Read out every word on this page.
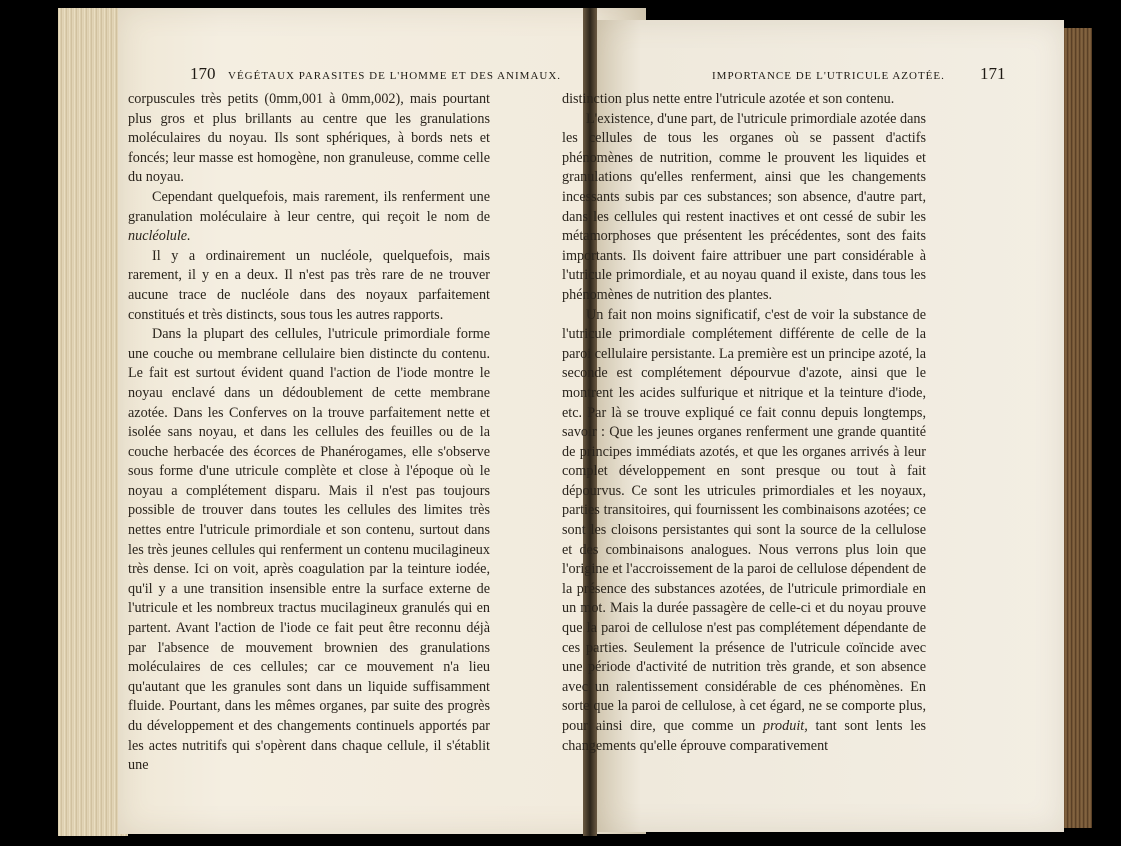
170 VÉGÉTAUX PARASITES DE L'HOMME ET DES ANIMAUX.	IMPORTANCE DE L'UTRICULE AZOTÉE. 171

corpuscules très petits (0mm,001 à 0mm,002), mais pourtant plus gros et plus brillants au centre que les granulations moléculaires du noyau. Ils sont sphériques, à bords nets et foncés; leur masse est homogène, non granuleuse, comme celle du noyau.

Cependant quelquefois, mais rarement, ils renferment une granulation moléculaire à leur centre, qui reçoit le nom de nucléolule.

Il y a ordinairement un nucléole, quelquefois, mais rarement, il y en a deux. Il n'est pas très rare de ne trouver aucune trace de nucléole dans des noyaux parfaitement constitués et très distincts, sous tous les autres rapports.

Dans la plupart des cellules, l'utricule primordiale forme une couche ou membrane cellulaire bien distincte du contenu. Le fait est surtout évident quand l'action de l'iode montre le noyau enclavé dans un dédoublement de cette membrane azotée. Dans les Conferves on la trouve parfaitement nette et isolée sans noyau, et dans les cellules des feuilles ou de la couche herbacée des écorces de Phanérogames, elle s'observe sous forme d'une utricule complète et close à l'époque où le noyau a complétement disparu. Mais il n'est pas toujours possible de trouver dans toutes les cellules des limites très nettes entre l'utricule primordiale et son contenu, surtout dans les très jeunes cellules qui renferment un contenu mucilagineux très dense. Ici on voit, après coagulation par la teinture iodée, qu'il y a une transition insensible entre la surface externe de l'utricule et les nombreux tractus mucilagineux granulés qui en partent. Avant l'action de l'iode ce fait peut être reconnu déjà par l'absence de mouvement brownien des granulations moléculaires de ces cellules; car ce mouvement n'a lieu qu'autant que les granules sont dans un liquide suffisamment fluide. Pourtant, dans les mêmes organes, par suite des progrès du développement et des changements continuels apportés par les actes nutritifs qui s'opèrent dans chaque cellule, il s'établit une

distinction plus nette entre l'utricule azotée et son contenu.

L'existence, d'une part, de l'utricule primordiale azotée dans les cellules de tous les organes où se passent d'actifs phénomènes de nutrition, comme le prouvent les liquides et granulations qu'elles renferment, ainsi que les changements incessants subis par ces substances; son absence, d'autre part, dans les cellules qui restent inactives et ont cessé de subir les métamorphoses que présentent les précédentes, sont des faits importants. Ils doivent faire attribuer une part considérable à l'utricule primordiale, et au noyau quand il existe, dans tous les phénomènes de nutrition des plantes.

Un fait non moins significatif, c'est de voir la substance de l'utricule primordiale complétement différente de celle de la paroi cellulaire persistante. La première est un principe azoté, la seconde est complétement dépourvue d'azote, ainsi que le montrent les acides sulfurique et nitrique et la teinture d'iode, etc. Par là se trouve expliqué ce fait connu depuis longtemps, savoir : Que les jeunes organes renferment une grande quantité de principes immédiats azotés, et que les organes arrivés à leur complet développement en sont presque ou tout à fait dépourvus. Ce sont les utricules primordiales et les noyaux, parties transitoires, qui fournissent les combinaisons azotées; ce sont les cloisons persistantes qui sont la source de la cellulose et des combinaisons analogues. Nous verrons plus loin que l'origine et l'accroissement de la paroi de cellulose dépendent de la présence des substances azotées, de l'utricule primordiale en un mot. Mais la durée passagère de celle-ci et du noyau prouve que la paroi de cellulose n'est pas complétement dépendante de ces parties. Seulement la présence de l'utricule coïncide avec une période d'activité de nutrition très grande, et son absence avec un ralentissement considérable de ces phénomènes. En sorte que la paroi de cellulose, à cet égard, ne se comporte plus, pour ainsi dire, que comme un produit, tant sont lents les changements qu'elle éprouve comparativement
